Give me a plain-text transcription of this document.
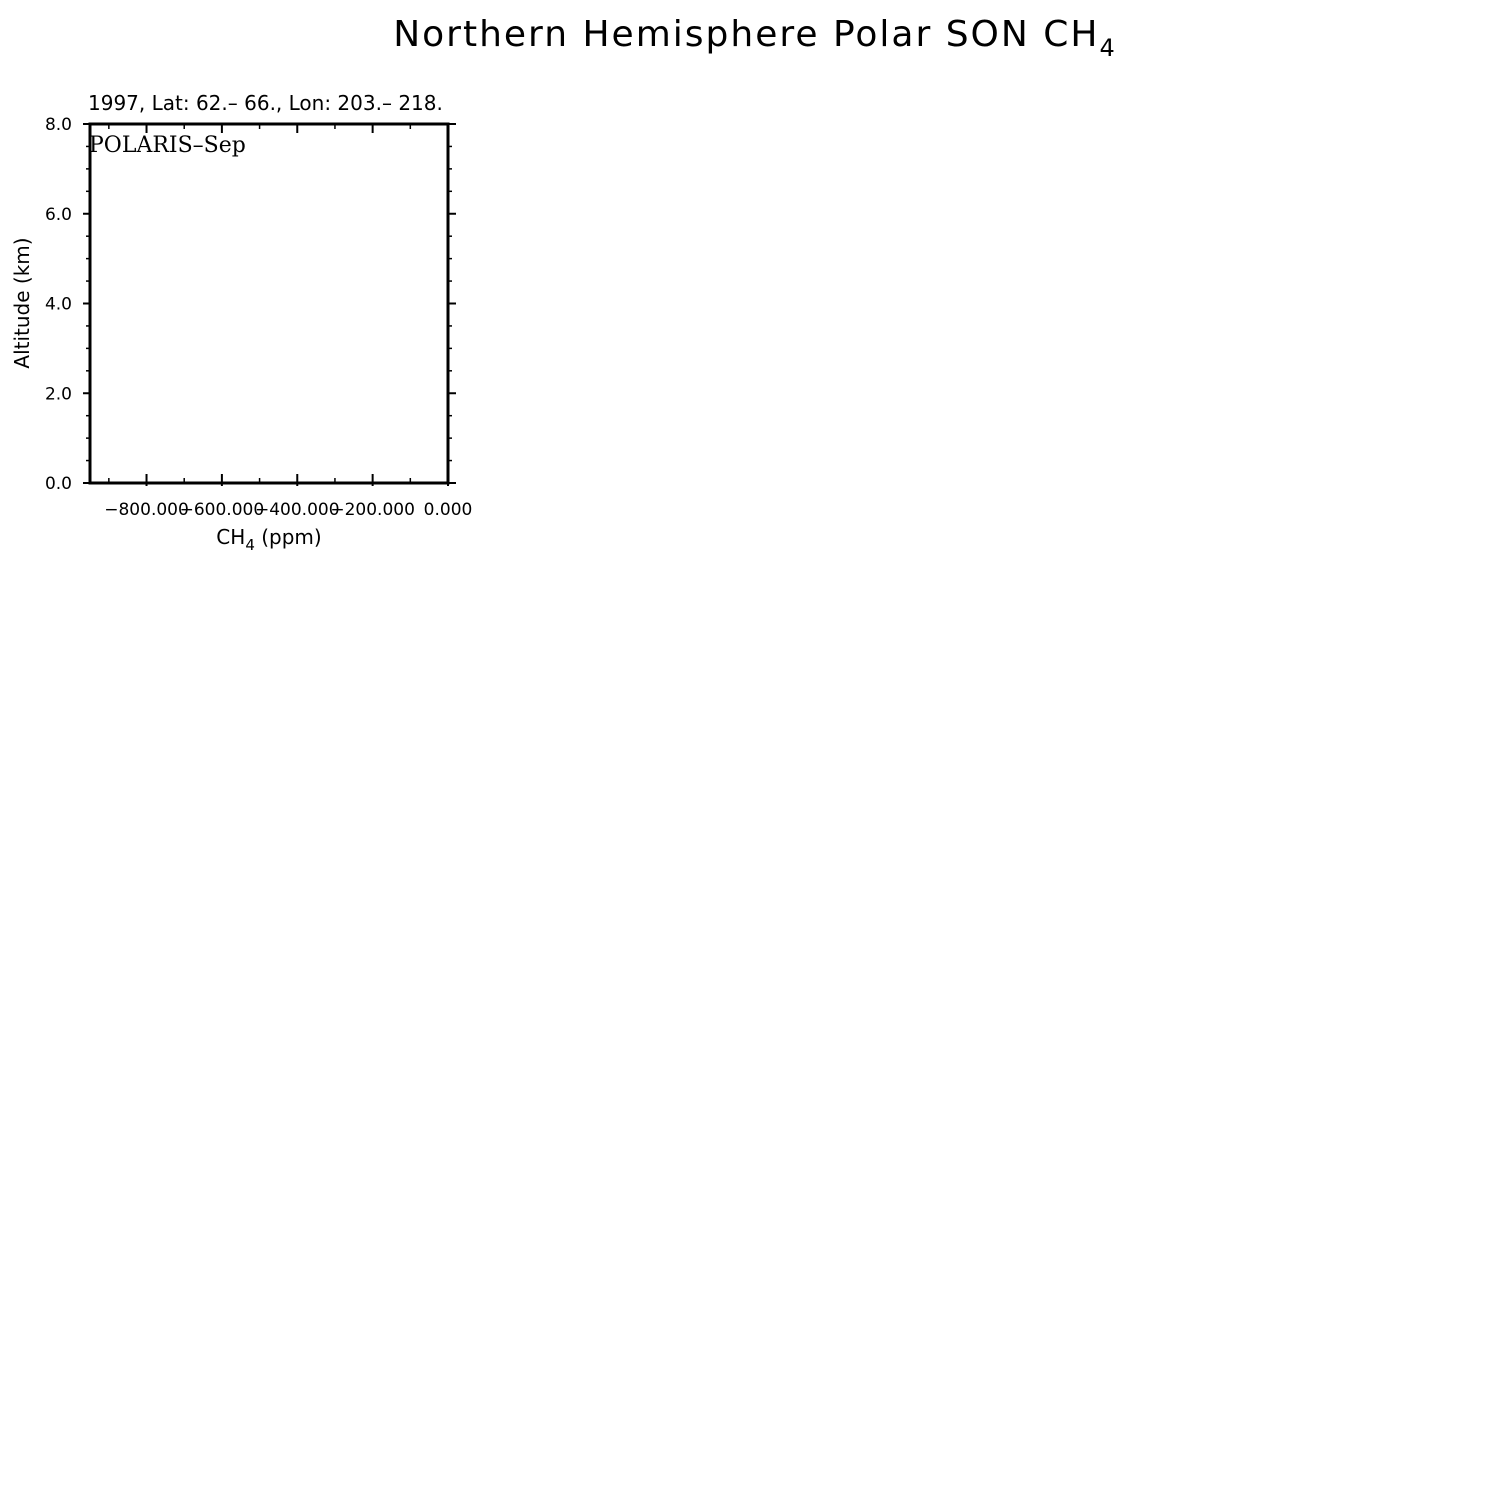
Northern Hemisphere Polar SON $CH_4$
1997, Lat: 62.– 66., Lon: 203.– 218.
−800.000
−600.000
−400.000
−200.000 0.000
0.0
2.0
4.0
6.0
8.0
POLARIS–Sep
Altitude (km)
$CH_4$ (ppm)
